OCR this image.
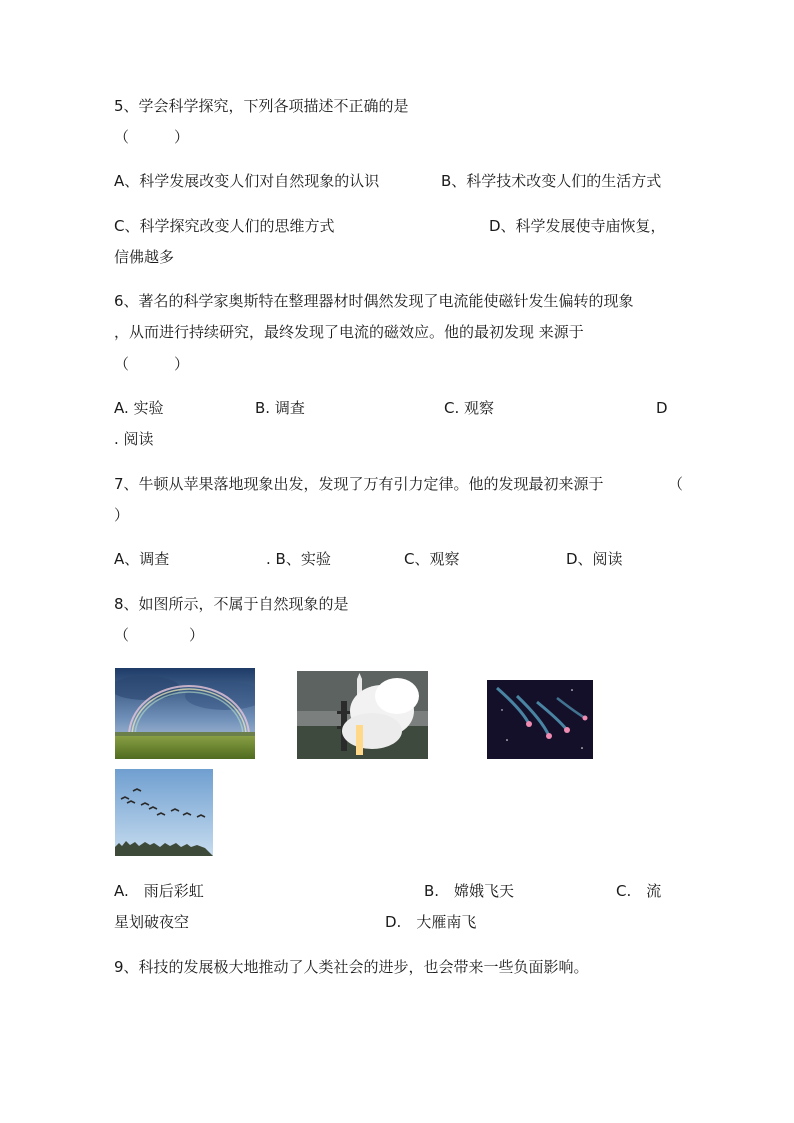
5、学会科学探究，下列各项描述不正确的是
（　　　）
A、科学发展改变人们对自然现象的认识	B、科学技术改变人们的生活方式
C、科学探究改变人们的思维方式	D、科学发展使寺庙恢复，
信佛越多
6、著名的科学家奥斯特在整理器材时偶然发现了电流能使磁针发生偏转的现象
，从而进行持续研究，最终发现了电流的磁效应。他的最初发现 来源于
（　　　）
A. 实验	B. 调查	C. 观察	D
. 阅读
7、牛顿从苹果落地现象出发，发现了万有引力定律。他的发现最初来源于	（
）
A、调查	. B、实验	C、观察	D、阅读
8、如图所示，不属于自然现象的是
（　　　　）
A.　雨后彩虹	B.　嫦娥飞天	C.　流
星划破夜空	D.　大雁南飞
9、科技的发展极大地推动了人类社会的进步，也会带来一些负面影响。
